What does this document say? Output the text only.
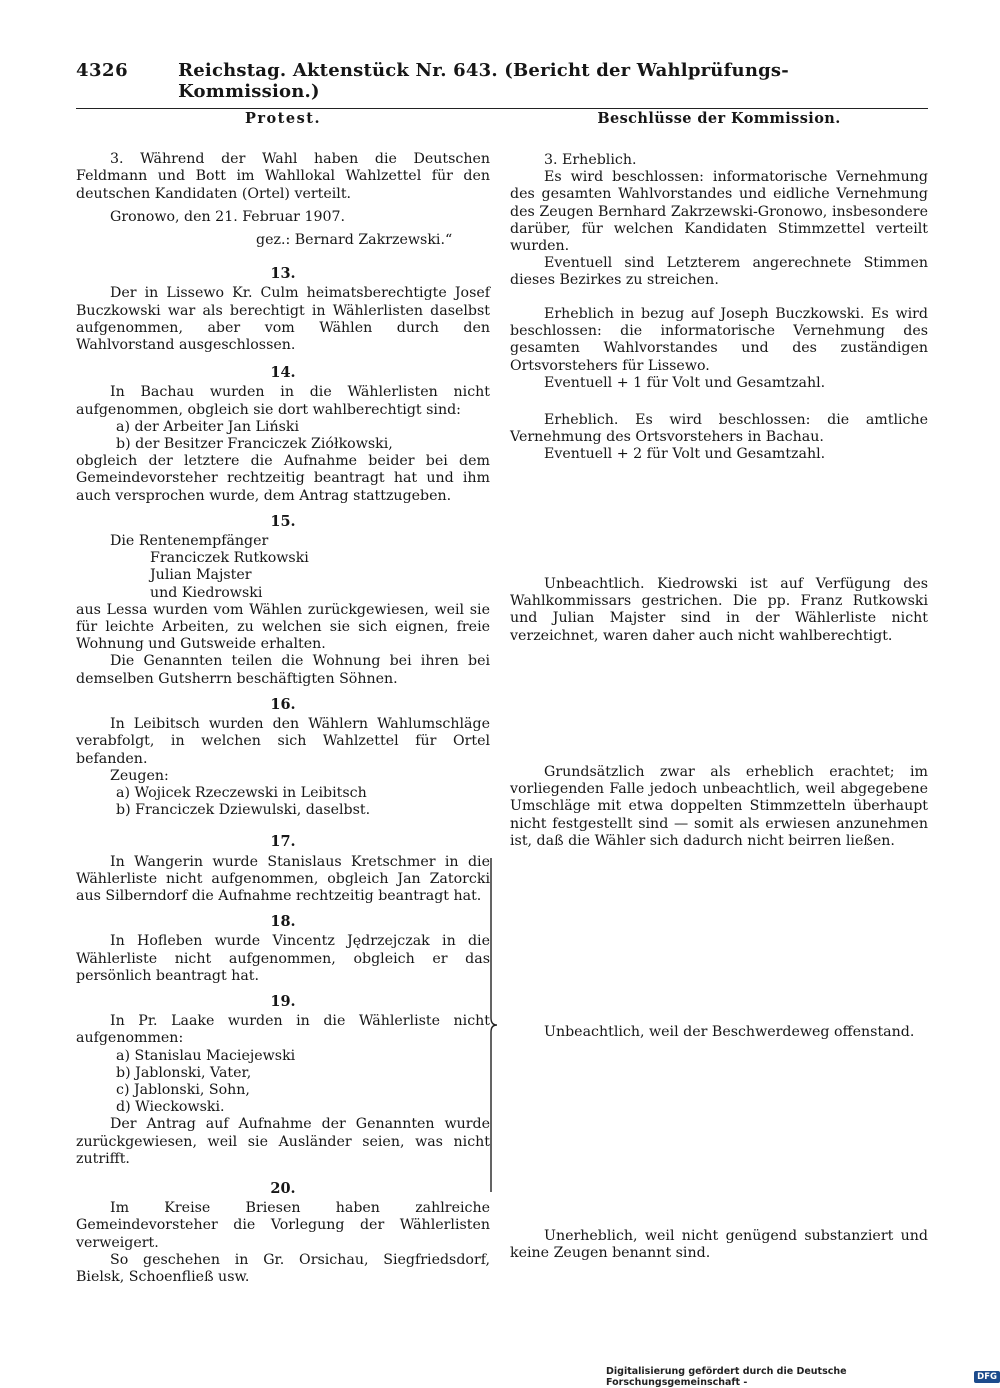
4326	Reichstag. Aktenstück Nr. 643. (Bericht der Wahlprüfungs-Kommission.)
Protest.

3. Während der Wahl haben die Deutschen Feldmann und Bott im Wahllokal Wahlzettel für den deutschen Kandidaten (Ortel) verteilt.

Gronowo, den 21. Februar 1907.

gez.: Bernard Zakrzewski.“

13.

Der in Lissewo Kr. Culm heimatsberechtigte Josef Buczkowski war als berechtigt in Wählerlisten daselbst aufgenommen, aber vom Wählen durch den Wahlvorstand ausgeschlossen.

14.

In Bachau wurden in die Wählerlisten nicht aufgenommen, obgleich sie dort wahlberechtigt sind:

a) der Arbeiter Jan Liński

b) der Besitzer Franciczek Ziółkowski,

obgleich der letztere die Aufnahme beider bei dem Gemeindevorsteher rechtzeitig beantragt hat und ihm auch versprochen wurde, dem Antrag stattzugeben.

15.

Die Rentenempfänger

Franciczek Rutkowski

Julian Majster

und Kiedrowski

aus Lessa wurden vom Wählen zurückgewiesen, weil sie für leichte Arbeiten, zu welchen sie sich eignen, freie Wohnung und Gutsweide erhalten.

Die Genannten teilen die Wohnung bei ihren bei demselben Gutsherrn beschäftigten Söhnen.

16.

In Leibitsch wurden den Wählern Wahlumschläge verabfolgt, in welchen sich Wahlzettel für Ortel befanden.

Zeugen:

a) Wojicek Rzeczewski in Leibitsch

b) Franciczek Dziewulski, daselbst.

17.

In Wangerin wurde Stanislaus Kretschmer in die Wählerliste nicht aufgenommen, obgleich Jan Zatorcki aus Silberndorf die Aufnahme rechtzeitig beantragt hat.

18.

In Hofleben wurde Vincentz Jędrzejczak in die Wählerliste nicht aufgenommen, obgleich er das persönlich beantragt hat.

19.

In Pr. Laake wurden in die Wählerliste nicht aufgenommen:

a) Stanislau Maciejewski

b) Jablonski, Vater,

c) Jablonski, Sohn,

d) Wieckowski.

Der Antrag auf Aufnahme der Genannten wurde zurückgewiesen, weil sie Ausländer seien, was nicht zutrifft.

20.

Im Kreise Briesen haben zahlreiche Gemeindevorsteher die Vorlegung der Wählerlisten verweigert.

So geschehen in Gr. Orsichau, Siegfriedsdorf, Bielsk, Schoenfließ usw.

Beschlüsse der Kommission.

3. Erheblich.

Es wird beschlossen: informatorische Vernehmung des gesamten Wahlvorstandes und eidliche Vernehmung des Zeugen Bernhard Zakrzewski-Gronowo, insbesondere darüber, für welchen Kandidaten Stimmzettel verteilt wurden.

Eventuell sind Letzterem angerechnete Stimmen dieses Bezirkes zu streichen.

Erheblich in bezug auf Joseph Buczkowski. Es wird beschlossen: die informatorische Vernehmung des gesamten Wahlvorstandes und des zuständigen Ortsvorstehers für Lissewo.

Eventuell + 1 für Volt und Gesamtzahl.

Erheblich. Es wird beschlossen: die amtliche Vernehmung des Ortsvorstehers in Bachau.

Eventuell + 2 für Volt und Gesamtzahl.

Unbeachtlich. Kiedrowski ist auf Verfügung des Wahlkommissars gestrichen. Die pp. Franz Rutkowski und Julian Majster sind in der Wählerliste nicht verzeichnet, waren daher auch nicht wahlberechtigt.

Grundsätzlich zwar als erheblich erachtet; im vorliegenden Falle jedoch unbeachtlich, weil abgegebene Umschläge mit etwa doppelten Stimmzetteln überhaupt nicht festgestellt sind — somit als erwiesen anzunehmen ist, daß die Wähler sich dadurch nicht beirren ließen.

Unbeachtlich, weil der Beschwerdeweg offenstand.

Unerheblich, weil nicht genügend substanziert und keine Zeugen benannt sind.

Digitalisierung gefördert durch die Deutsche Forschungsgemeinschaft -	DFG
